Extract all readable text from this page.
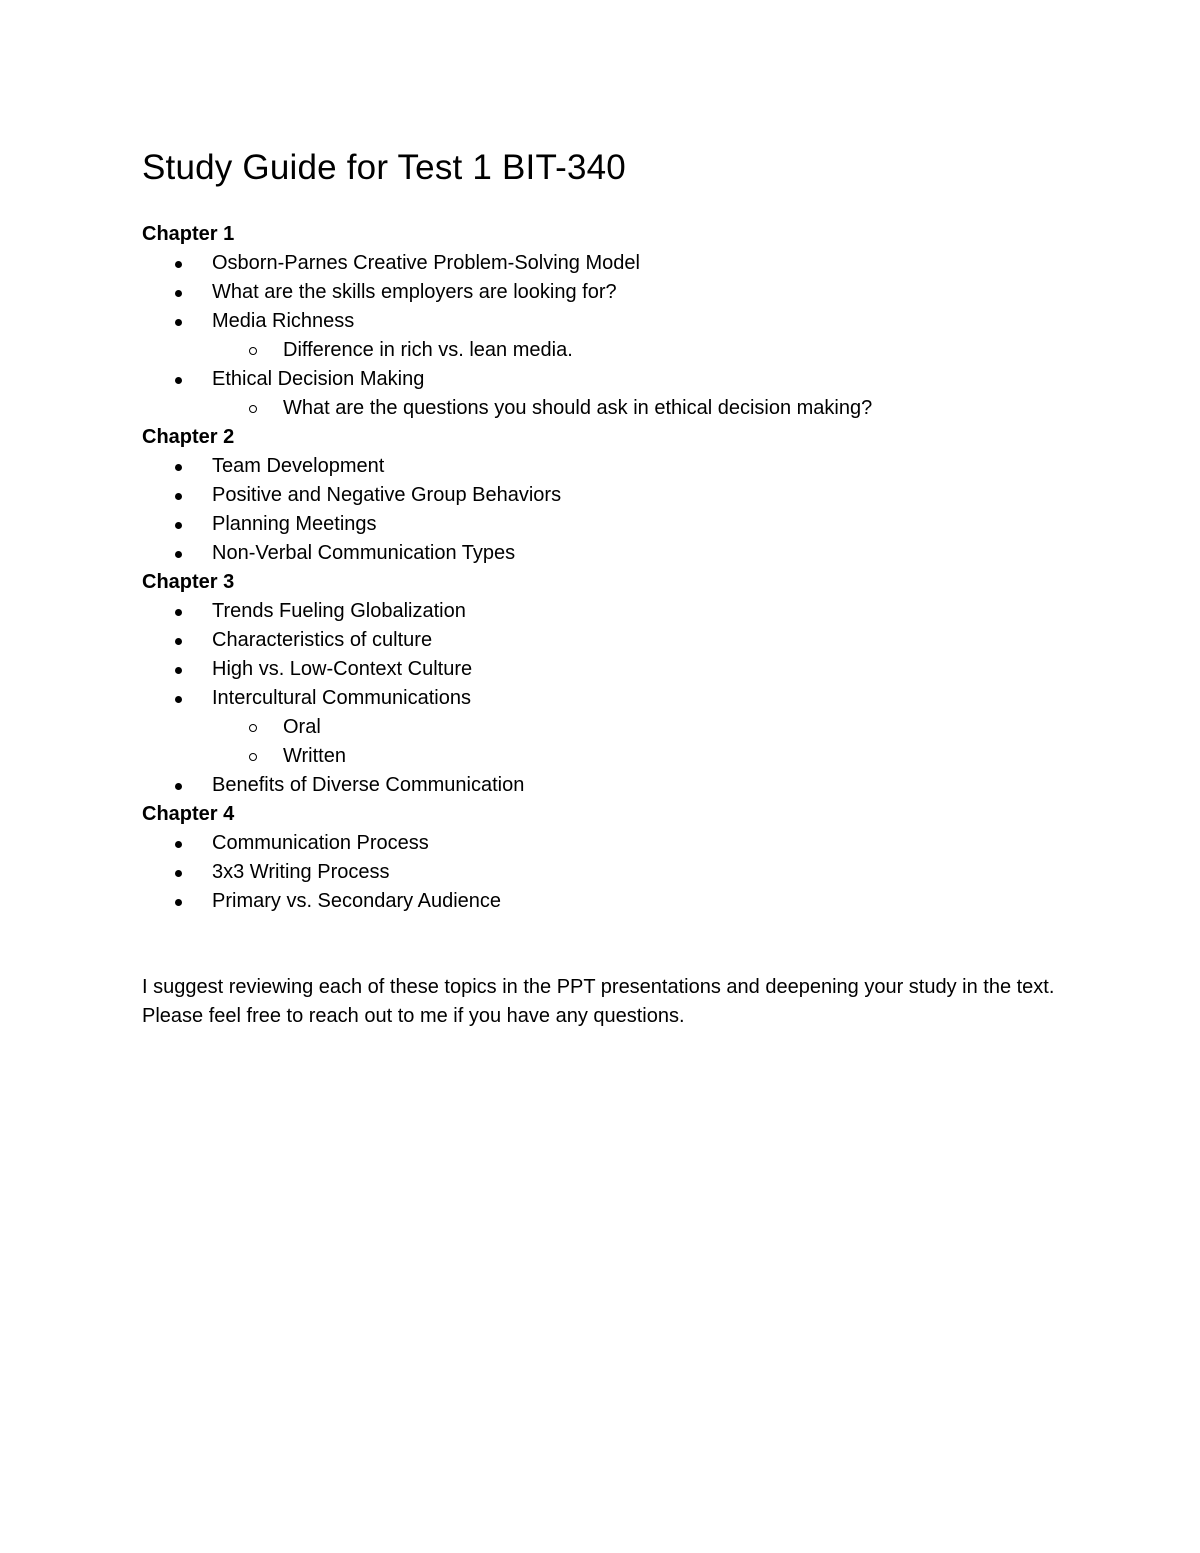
Study Guide for Test 1 BIT-340
Chapter 1
Osborn-Parnes Creative Problem-Solving Model
What are the skills employers are looking for?
Media Richness
Difference in rich vs. lean media.
Ethical Decision Making
What are the questions you should ask in ethical decision making?
Chapter 2
Team Development
Positive and Negative Group Behaviors
Planning Meetings
Non-Verbal Communication Types
Chapter 3
Trends Fueling Globalization
Characteristics of culture
High vs. Low-Context Culture
Intercultural Communications
Oral
Written
Benefits of Diverse Communication
Chapter 4
Communication Process
3x3 Writing Process
Primary vs. Secondary Audience
I suggest reviewing each of these topics in the PPT presentations and deepening your study in the text. Please feel free to reach out to me if you have any questions.
